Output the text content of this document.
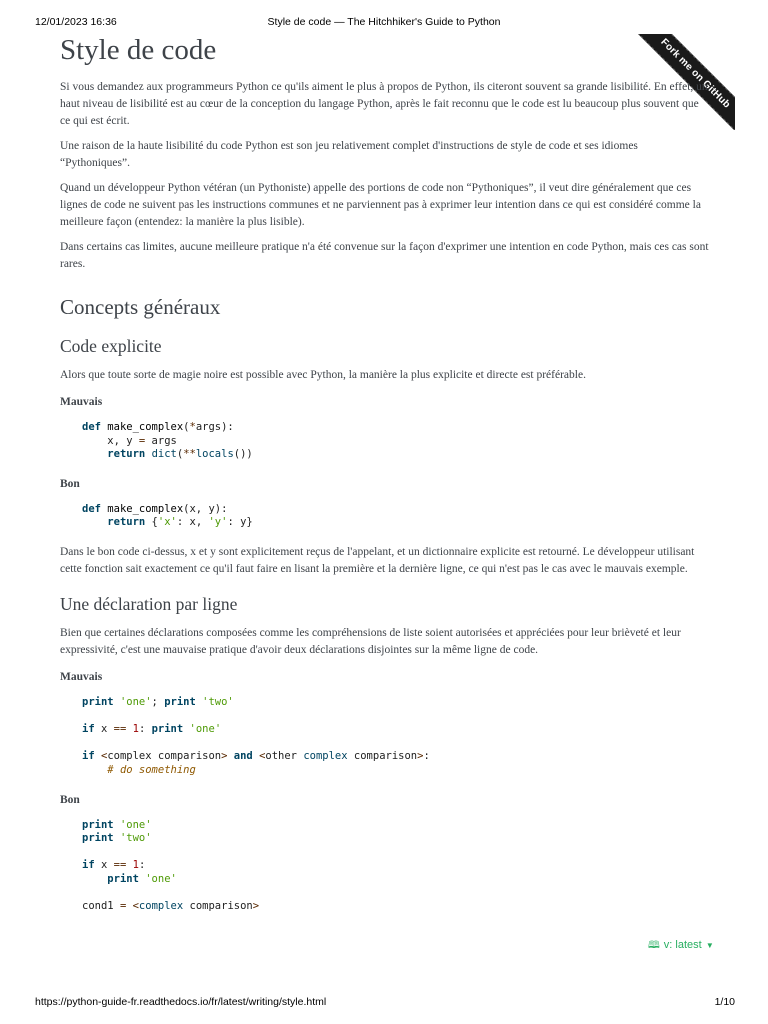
12/01/2023 16:36	Style de code — The Hitchhiker's Guide to Python
Fork me on GitHub
Style de code

Si vous demandez aux programmeurs Python ce qu'ils aiment le plus à propos de Python, ils citeront souvent sa grande lisibilité. En effet, un haut niveau de lisibilité est au cœur de la conception du langage Python, après le fait reconnu que le code est lu beaucoup plus souvent que ce qui est écrit.

Une raison de la haute lisibilité du code Python est son jeu relativement complet d'instructions de style de code et ses idiomes “Pythoniques”.

Quand un développeur Python vétéran (un Pythoniste) appelle des portions de code non “Pythoniques”, il veut dire généralement que ces lignes de code ne suivent pas les instructions communes et ne parviennent pas à exprimer leur intention dans ce qui est considéré comme la meilleure façon (entendez: la manière la plus lisible).

Dans certains cas limites, aucune meilleure pratique n'a été convenue sur la façon d'exprimer une intention en code Python, mais ces cas sont rares.

Concepts généraux
Code explicite

Alors que toute sorte de magie noire est possible avec Python, la manière la plus explicite et directe est préférable.

Mauvais

def make_complex(*args):
x, y = args
return dict(**locals())

Bon

def make_complex(x, y):
return {'x': x, 'y': y}

Dans le bon code ci-dessus, x et y sont explicitement reçus de l'appelant, et un dictionnaire explicite est retourné. Le développeur utilisant cette fonction sait exactement ce qu'il faut faire en lisant la première et la dernière ligne, ce qui n'est pas le cas avec le mauvais exemple.

Une déclaration par ligne

Bien que certaines déclarations composées comme les compréhensions de liste soient autorisées et appréciées pour leur brièveté et leur expressivité, c'est une mauvaise pratique d'avoir deux déclarations disjointes sur la même ligne de code.

Mauvais

print 'one'; print 'two'

if x == 1: print 'one'

if <complex comparison> and <other complex comparison>:
# do something

Bon

print 'one'
print 'two'

if x == 1:
print 'one'

cond1 = <complex comparison>
🕮 v: latest ▼
https://python-guide-fr.readthedocs.io/fr/latest/writing/style.html	1/10
